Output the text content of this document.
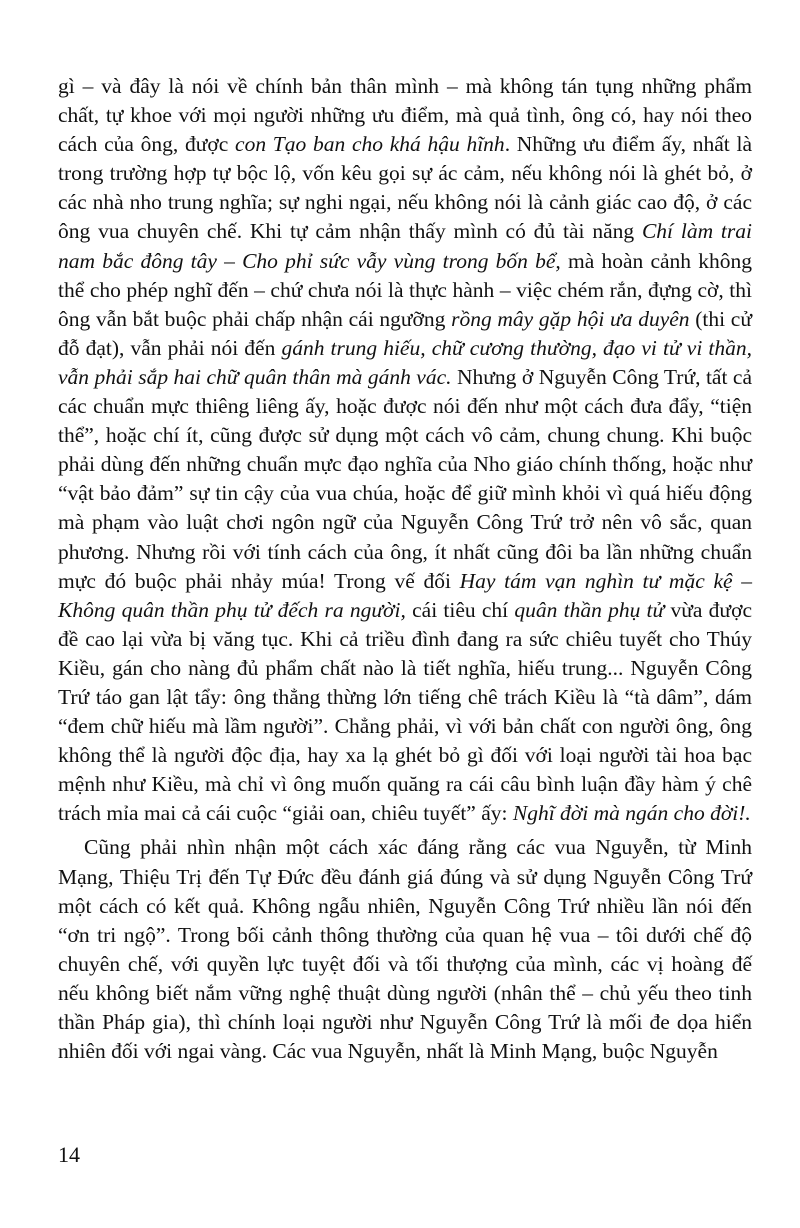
gì – và đây là nói về chính bản thân mình – mà không tán tụng những phẩm chất, tự khoe với mọi người những ưu điểm, mà quả tình, ông có, hay nói theo cách của ông, được con Tạo ban cho khá hậu hĩnh. Những ưu điểm ấy, nhất là trong trường hợp tự bộc lộ, vốn kêu gọi sự ác cảm, nếu không nói là ghét bỏ, ở các nhà nho trung nghĩa; sự nghi ngại, nếu không nói là cảnh giác cao độ, ở các ông vua chuyên chế. Khi tự cảm nhận thấy mình có đủ tài năng Chí làm trai nam bắc đông tây – Cho phỉ sức vẫy vùng trong bốn bể, mà hoàn cảnh không thể cho phép nghĩ đến – chứ chưa nói là thực hành – việc chém rắn, đựng cờ, thì ông vẫn bắt buộc phải chấp nhận cái ngưỡng rồng mây gặp hội ưa duyên (thi cử đỗ đạt), vẫn phải nói đến gánh trung hiếu, chữ cương thường, đạo vi tử vi thần, vẫn phải sắp hai chữ quân thân mà gánh vác. Nhưng ở Nguyễn Công Trứ, tất cả các chuẩn mực thiêng liêng ấy, hoặc được nói đến như một cách đưa đẩy, “tiện thể”, hoặc chí ít, cũng được sử dụng một cách vô cảm, chung chung. Khi buộc phải dùng đến những chuẩn mực đạo nghĩa của Nho giáo chính thống, hoặc như “vật bảo đảm” sự tin cậy của vua chúa, hoặc để giữ mình khỏi vì quá hiếu động mà phạm vào luật chơi ngôn ngữ của Nguyễn Công Trứ trở nên vô sắc, quan phương. Nhưng rồi với tính cách của ông, ít nhất cũng đôi ba lần những chuẩn mực đó buộc phải nhảy múa! Trong vế đối Hay tám vạn nghìn tư mặc kệ – Không quân thần phụ tử đếch ra người, cái tiêu chí quân thần phụ tử vừa được đề cao lại vừa bị văng tục. Khi cả triều đình đang ra sức chiêu tuyết cho Thúy Kiều, gán cho nàng đủ phẩm chất nào là tiết nghĩa, hiếu trung... Nguyễn Công Trứ táo gan lật tẩy: ông thẳng thừng lớn tiếng chê trách Kiều là “tà dâm”, dám “đem chữ hiếu mà lầm người”. Chẳng phải, vì với bản chất con người ông, ông không thể là người độc địa, hay xa lạ ghét bỏ gì đối với loại người tài hoa bạc mệnh như Kiều, mà chỉ vì ông muốn quăng ra cái câu bình luận đầy hàm ý chê trách mỉa mai cả cái cuộc “giải oan, chiêu tuyết” ấy: Nghĩ đời mà ngán cho đời!.

Cũng phải nhìn nhận một cách xác đáng rằng các vua Nguyễn, từ Minh Mạng, Thiệu Trị đến Tự Đức đều đánh giá đúng và sử dụng Nguyễn Công Trứ một cách có kết quả. Không ngẫu nhiên, Nguyễn Công Trứ nhiều lần nói đến “ơn tri ngộ”. Trong bối cảnh thông thường của quan hệ vua – tôi dưới chế độ chuyên chế, với quyền lực tuyệt đối và tối thượng của mình, các vị hoàng đế nếu không biết nắm vững nghệ thuật dùng người (nhân thể – chủ yếu theo tinh thần Pháp gia), thì chính loại người như Nguyễn Công Trứ là mối đe dọa hiển nhiên đối với ngai vàng. Các vua Nguyễn, nhất là Minh Mạng, buộc Nguyễn

14
